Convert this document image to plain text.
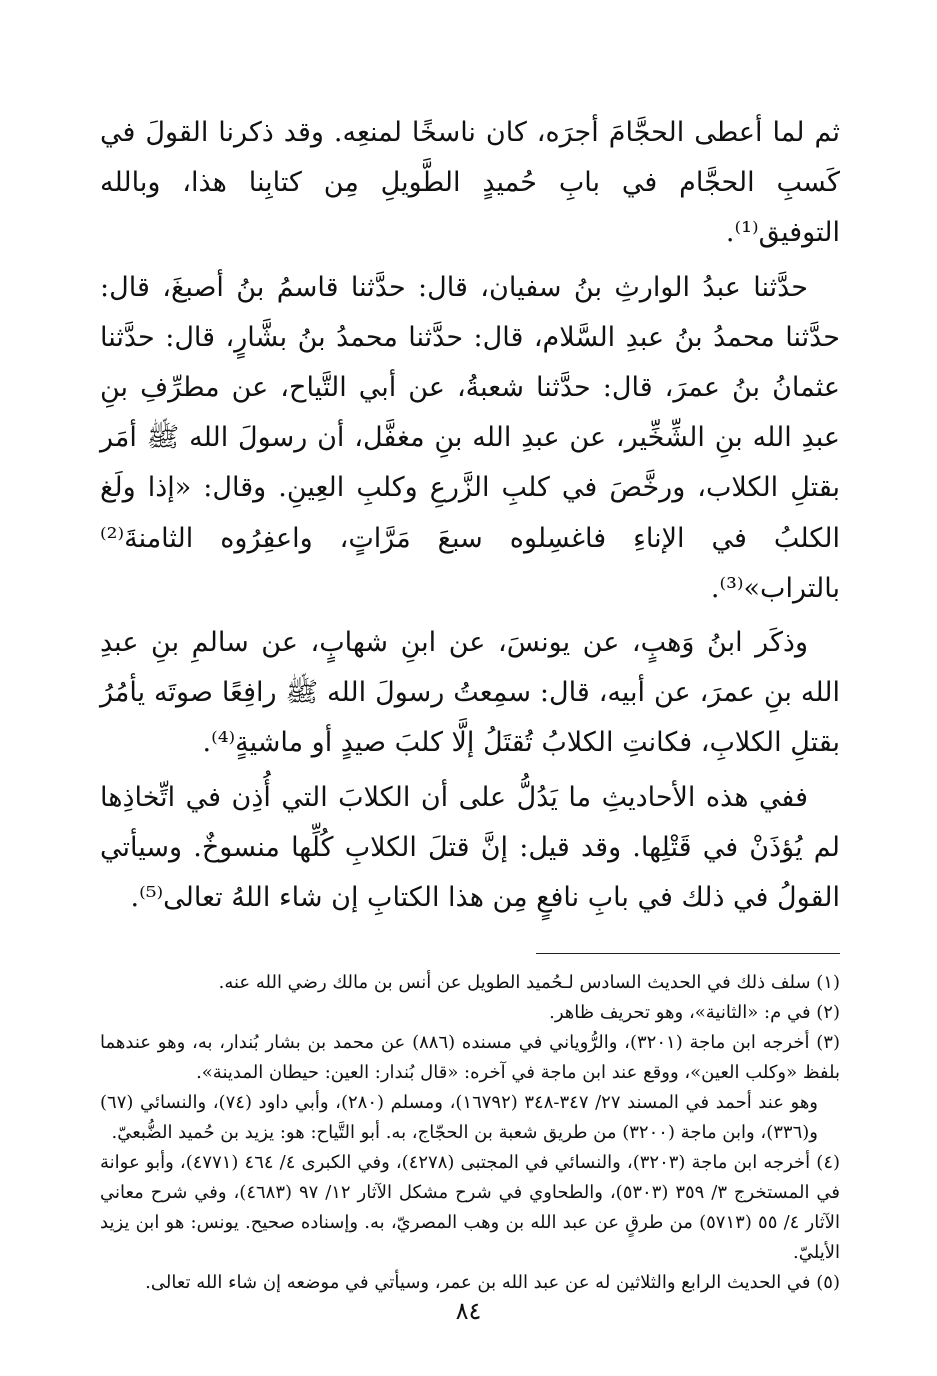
ثم لما أعطى الحجَّامَ أجرَه، كان ناسخًا لمنعِه. وقد ذكرنا القولَ في كَسبِ الحجَّام في بابِ حُميدٍ الطَّويلِ مِن كتابِنا هذا، وبالله التوفيق⁽¹⁾.

حدَّثنا عبدُ الوارثِ بنُ سفيان، قال: حدَّثنا قاسمُ بنُ أصبغَ، قال: حدَّثنا محمدُ بنُ عبدِ السَّلام، قال: حدَّثنا محمدُ بنُ بشَّارٍ، قال: حدَّثنا عثمانُ بنُ عمرَ، قال: حدَّثنا شعبةُ، عن أبي التَّياح، عن مطرِّفِ بنِ عبدِ الله بنِ الشِّخِّير، عن عبدِ الله بنِ مغفَّل، أن رسولَ الله ﷺ أمَر بقتلِ الكلاب، ورخَّصَ في كلبِ الزَّرعِ وكلبِ العِينِ. وقال: «إذا ولَغ الكلبُ في الإناءِ فاغسِلوه سبعَ مَرَّاتٍ، واعفِرُوه الثامنةَ⁽²⁾ بالتراب»⁽³⁾.

وذكَر ابنُ وَهبٍ، عن يونسَ، عن ابنِ شهابٍ، عن سالمِ بنِ عبدِ الله بنِ عمرَ، عن أبيه، قال: سمِعتُ رسولَ الله ﷺ رافِعًا صوتَه يأمُرُ بقتلِ الكلابِ، فكانتِ الكلابُ تُقتَلُ إلَّا كلبَ صيدٍ أو ماشيةٍ⁽⁴⁾.

ففي هذه الأحاديثِ ما يَدُلُّ على أن الكلابَ التي أُذِن في اتِّخاذِها لم يُؤذَنْ في قَتْلِها. وقد قيل: إنَّ قتلَ الكلابِ كُلِّها منسوخٌ. وسيأتي القولُ في ذلك في بابِ نافعٍ مِن هذا الكتابِ إن شاء اللهُ تعالى⁽⁵⁾.

(١) سلف ذلك في الحديث السادس لـحُميد الطويل عن أنس بن مالك رضي الله عنه.

(٢) في م: «الثانية»، وهو تحريف ظاهر.

(٣) أخرجه ابن ماجة (٣٢٠١)، والرُّوياني في مسنده (٨٨٦) عن محمد بن بشار بُندار، به، وهو عندهما بلفظ «وكلب العين»، ووقع عند ابن ماجة في آخره: «قال بُندار: العين: حيطان المدينة».

وهو عند أحمد في المسند ٢٧/ ٣٤٧-٣٤٨ (١٦٧٩٢)، ومسلم (٢٨٠)، وأبي داود (٧٤)، والنسائي (٦٧) و(٣٣٦)، وابن ماجة (٣٢٠٠) من طريق شعبة بن الحجّاج، به. أبو التَّياح: هو: يزيد بن حُميد الضُّبعيّ.

(٤) أخرجه ابن ماجة (٣٢٠٣)، والنسائي في المجتبى (٤٢٧٨)، وفي الكبرى ٤/ ٤٦٤ (٤٧٧١)، وأبو عوانة في المستخرج ٣/ ٣٥٩ (٥٣٠٣)، والطحاوي في شرح مشكل الآثار ١٢/ ٩٧ (٤٦٨٣)، وفي شرح معاني الآثار ٤/ ٥٥ (٥٧١٣) من طرقٍ عن عبد الله بن وهب المصريّ، به. وإسناده صحيح. يونس: هو ابن يزيد الأيليّ.

(٥) في الحديث الرابع والثلاثين له عن عبد الله بن عمر، وسيأتي في موضعه إن شاء الله تعالى.

٨٤
